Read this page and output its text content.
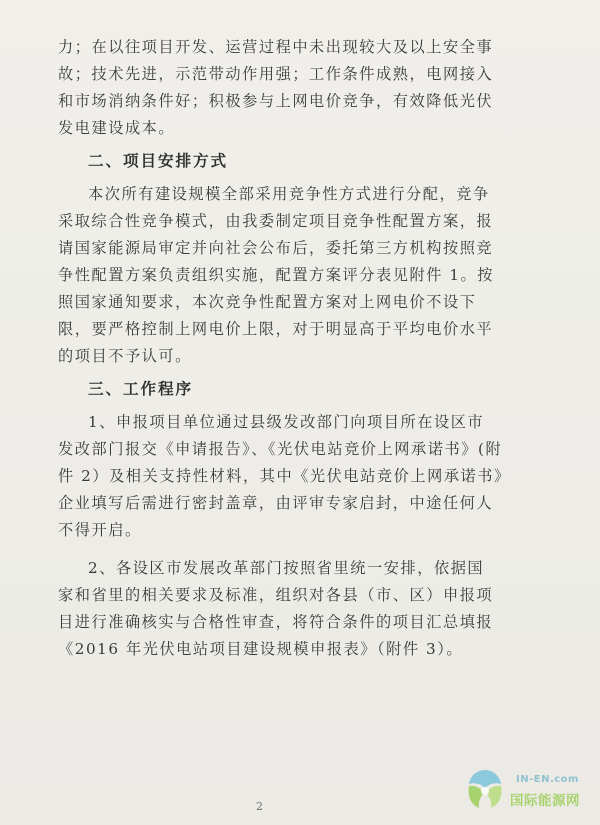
力；在以往项目开发、运营过程中未出现较大及以上安全事
故；技术先进，示范带动作用强；工作条件成熟，电网接入
和市场消纳条件好；积极参与上网电价竞争，有效降低光伏
发电建设成本。
二、项目安排方式
本次所有建设规模全部采用竞争性方式进行分配，竞争
采取综合性竞争模式，由我委制定项目竞争性配置方案，报
请国家能源局审定并向社会公布后，委托第三方机构按照竞
争性配置方案负责组织实施，配置方案评分表见附件 1。按
照国家通知要求，本次竞争性配置方案对上网电价不设下
限，要严格控制上网电价上限，对于明显高于平均电价水平
的项目不予认可。
三、工作程序
1、申报项目单位通过县级发改部门向项目所在设区市
发改部门报交《申请报告》、《光伏电站竞价上网承诺书》(附
件 2）及相关支持性材料，其中《光伏电站竞价上网承诺书》
企业填写后需进行密封盖章，由评审专家启封，中途任何人
不得开启。
2、各设区市发展改革部门按照省里统一安排，依据国
家和省里的相关要求及标准，组织对各县（市、区）申报项
目进行准确核实与合格性审查，将符合条件的项目汇总填报
《2016 年光伏电站项目建设规模申报表》（附件 3）。
2
IN-EN.com
国际能源网
